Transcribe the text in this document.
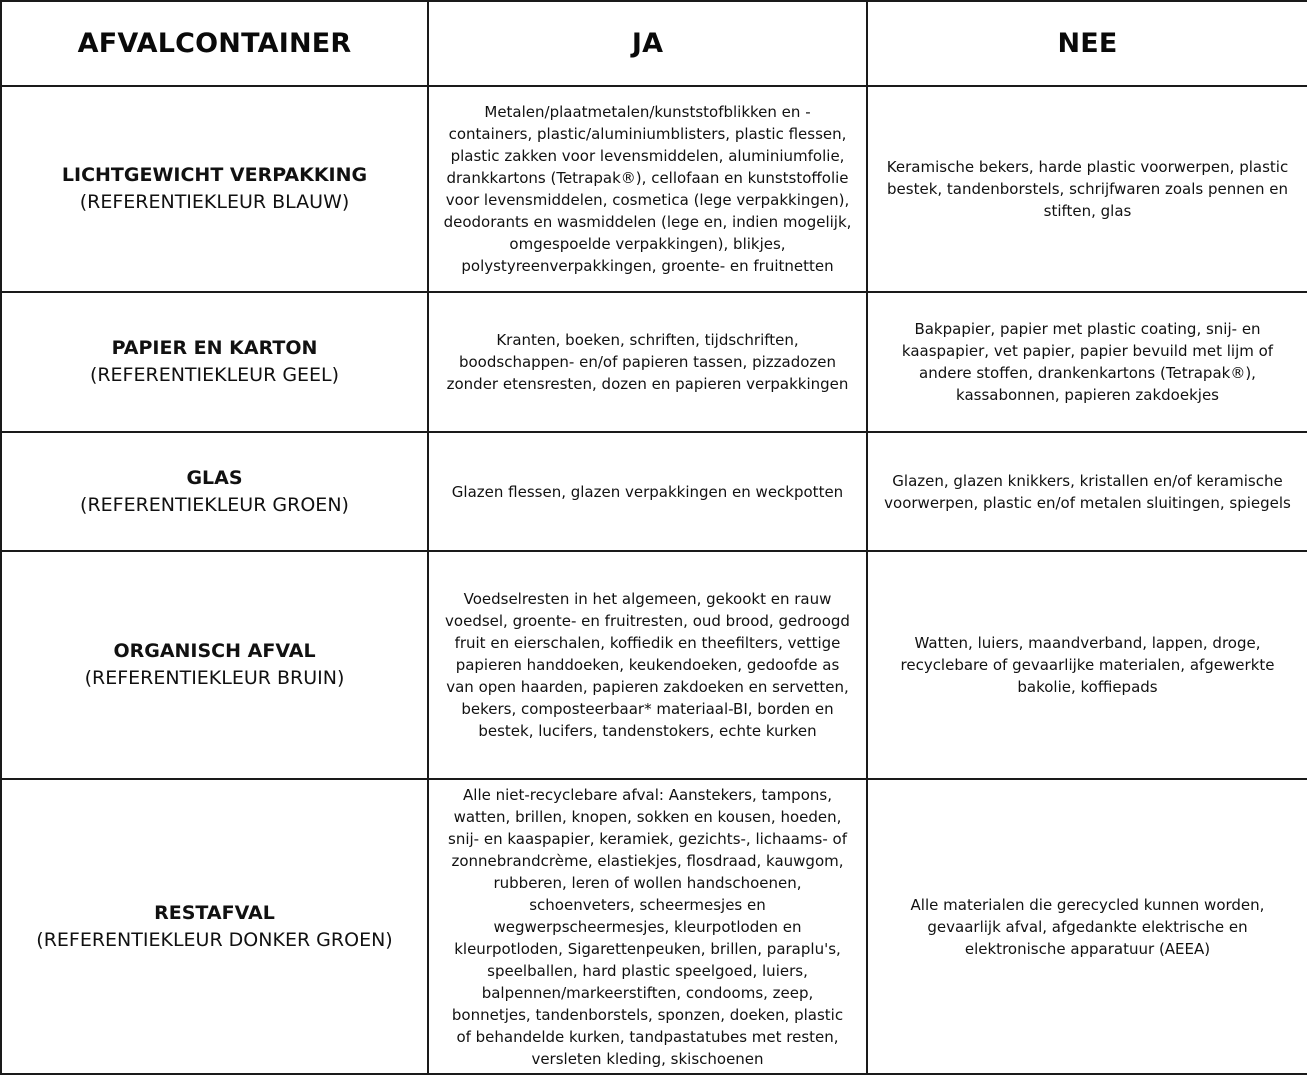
AFVALCONTAINER	JA	NEE

LICHTGEWICHT VERPAKKING
(REFERENTIEKLEUR BLAUW)	Metalen/plaatmetalen/kunststofblikken en -containers, plastic/aluminiumblisters, plastic flessen, plastic zakken voor levensmiddelen, aluminiumfolie, drankkartons (Tetrapak®), cellofaan en kunststoffolie voor levensmiddelen, cosmetica (lege verpakkingen), deodorants en wasmiddelen (lege en, indien mogelijk, omgespoelde verpakkingen), blikjes, polystyreenverpakkingen, groente- en fruitnetten	Keramische bekers, harde plastic voorwerpen, plastic bestek, tandenborstels, schrijfwaren zoals pennen en stiften, glas

PAPIER EN KARTON
(REFERENTIEKLEUR GEEL)	Kranten, boeken, schriften, tijdschriften, boodschappen- en/of papieren tassen, pizzadozen zonder etensresten, dozen en papieren verpakkingen	Bakpapier, papier met plastic coating, snij- en kaaspapier, vet papier, papier bevuild met lijm of andere stoffen, drankenkartons (Tetrapak®), kassabonnen, papieren zakdoekjes

GLAS
(REFERENTIEKLEUR GROEN)	Glazen flessen, glazen verpakkingen en weckpotten	Glazen, glazen knikkers, kristallen en/of keramische voorwerpen, plastic en/of metalen sluitingen, spiegels

ORGANISCH AFVAL
(REFERENTIEKLEUR BRUIN)	Voedselresten in het algemeen, gekookt en rauw voedsel, groente- en fruitresten, oud brood, gedroogd fruit en eierschalen, koffiedik en theefilters, vettige papieren handdoeken, keukendoeken, gedoofde as van open haarden, papieren zakdoeken en servetten, bekers, composteerbaar* materiaal-BI, borden en bestek, lucifers, tandenstokers, echte kurken	Watten, luiers, maandverband, lappen, droge, recyclebare of gevaarlijke materialen, afgewerkte bakolie, koffiepads

RESTAFVAL
(REFERENTIEKLEUR DONKER GROEN)	Alle niet-recyclebare afval: Aanstekers, tampons, watten, brillen, knopen, sokken en kousen, hoeden, snij- en kaaspapier, keramiek, gezichts-, lichaams- of zonnebrandcrème, elastiekjes, flosdraad, kauwgom, rubberen, leren of wollen handschoenen, schoenveters, scheermesjes en wegwerpscheermesjes, kleurpotloden en kleurpotloden, Sigarettenpeuken, brillen, paraplu's, speelballen, hard plastic speelgoed, luiers, balpennen/markeerstiften, condooms, zeep, bonnetjes, tandenborstels, sponzen, doeken, plastic of behandelde kurken, tandpastatubes met resten, versleten kleding, skischoenen	Alle materialen die gerecycled kunnen worden, gevaarlijk afval, afgedankte elektrische en elektronische apparatuur (AEEA)
